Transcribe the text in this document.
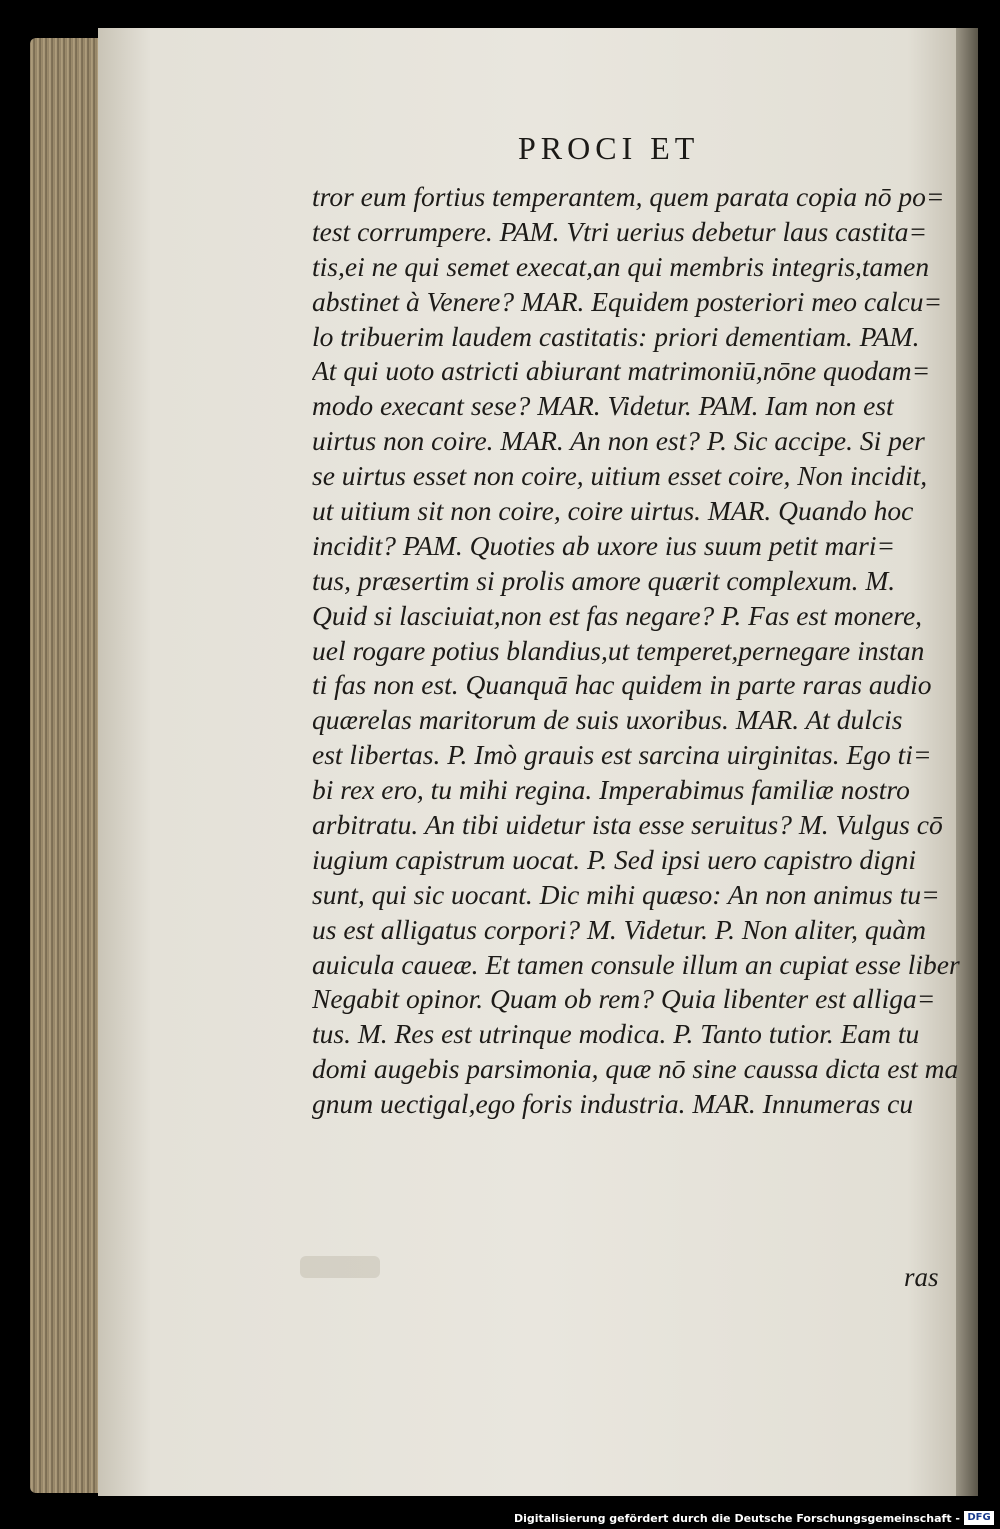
PROCI ET
tror eum fortius temperantem, quem parata copia nō po=
test corrumpere. PAM. Vtri uerius debetur laus castita=
tis,ei ne qui semet execat,an qui membris integris,tamen
abstinet à Venere? MAR. Equidem posteriori meo calcu=
lo tribuerim laudem castitatis: priori dementiam. PAM.
At qui uoto astricti abiurant matrimoniū,nōne quodam=
modo execant sese? MAR. Videtur. PAM. Iam non est
uirtus non coire. MAR. An non est? P. Sic accipe. Si per
se uirtus esset non coire, uitium esset coire, Non incidit,
ut uitium sit non coire, coire uirtus. MAR. Quando hoc
incidit? PAM. Quoties ab uxore ius suum petit mari=
tus, præsertim si prolis amore quærit complexum. M.
Quid si lasciuiat,non est fas negare? P. Fas est monere,
uel rogare potius blandius,ut temperet,pernegare instan
ti fas non est. Quanquā hac quidem in parte raras audio
quærelas maritorum de suis uxoribus. MAR. At dulcis
est libertas. P. Imò grauis est sarcina uirginitas. Ego ti=
bi rex ero, tu mihi regina. Imperabimus familiæ nostro
arbitratu. An tibi uidetur ista esse seruitus? M. Vulgus cō
iugium capistrum uocat. P. Sed ipsi uero capistro digni
sunt, qui sic uocant. Dic mihi quæso: An non animus tu=
us est alligatus corpori? M. Videtur. P. Non aliter, quàm
auicula caueæ. Et tamen consule illum an cupiat esse liber
Negabit opinor. Quam ob rem? Quia libenter est alliga=
tus. M. Res est utrinque modica. P. Tanto tutior. Eam tu
domi augebis parsimonia, quæ nō sine caussa dicta est ma
gnum uectigal,ego foris industria. MAR. Innumeras cu
ras
Digitalisierung gefördert durch die Deutsche Forschungsgemeinschaft - DFG
